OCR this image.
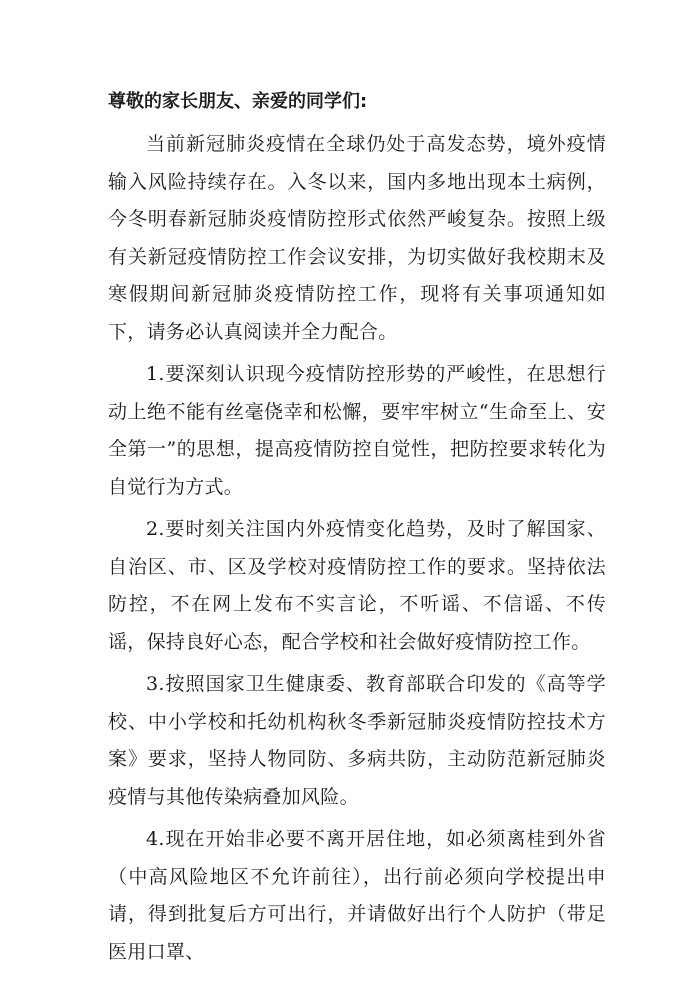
尊敬的家长朋友、亲爱的同学们:

当前新冠肺炎疫情在全球仍处于高发态势，境外疫情输入风险持续存在。入冬以来，国内多地出现本土病例，今冬明春新冠肺炎疫情防控形式依然严峻复杂。按照上级有关新冠疫情防控工作会议安排，为切实做好我校期末及寒假期间新冠肺炎疫情防控工作，现将有关事项通知如下，请务必认真阅读并全力配合。

1.要深刻认识现今疫情防控形势的严峻性，在思想行动上绝不能有丝毫侥幸和松懈，要牢牢树立“生命至上、安全第一”的思想，提高疫情防控自觉性，把防控要求转化为自觉行为方式。

2.要时刻关注国内外疫情变化趋势，及时了解国家、自治区、市、区及学校对疫情防控工作的要求。坚持依法防控，不在网上发布不实言论，不听谣、不信谣、不传谣，保持良好心态，配合学校和社会做好疫情防控工作。

3.按照国家卫生健康委、教育部联合印发的《高等学校、中小学校和托幼机构秋冬季新冠肺炎疫情防控技术方案》要求，坚持人物同防、多病共防，主动防范新冠肺炎疫情与其他传染病叠加风险。

4.现在开始非必要不离开居住地，如必须离桂到外省（中高风险地区不允许前往），出行前必须向学校提出申请，得到批复后方可出行，并请做好出行个人防护（带足医用口罩、
